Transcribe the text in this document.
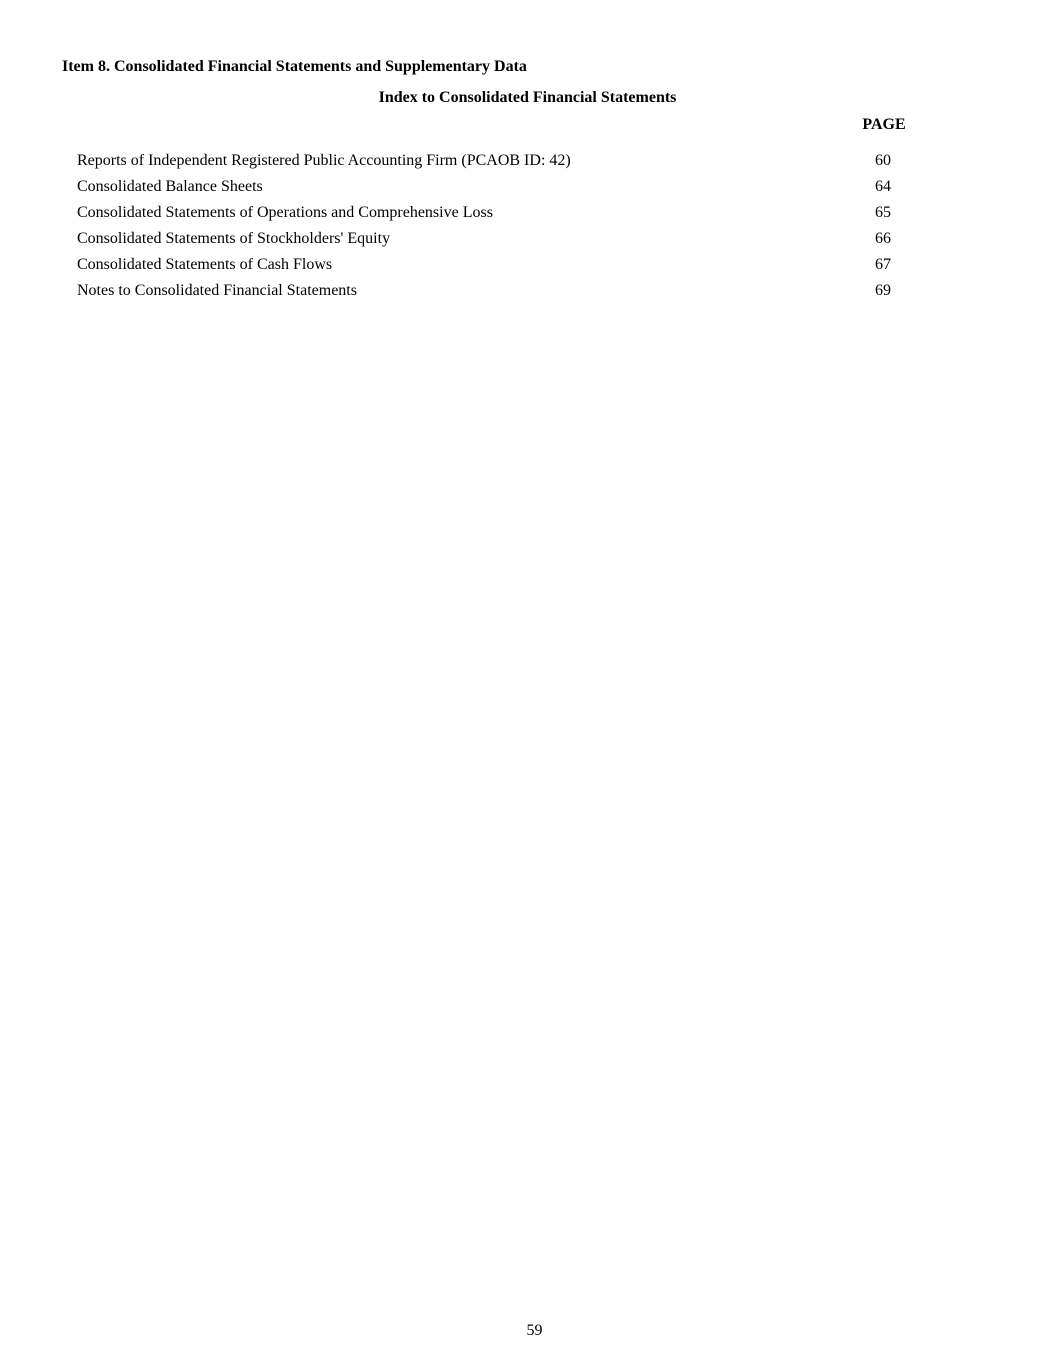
Item 8. Consolidated Financial Statements and Supplementary Data
Index to Consolidated Financial Statements
PAGE
Reports of Independent Registered Public Accounting Firm (PCAOB ID: 42)	60
Consolidated Balance Sheets	64
Consolidated Statements of Operations and Comprehensive Loss	65
Consolidated Statements of Stockholders' Equity	66
Consolidated Statements of Cash Flows	67
Notes to Consolidated Financial Statements	69
59
